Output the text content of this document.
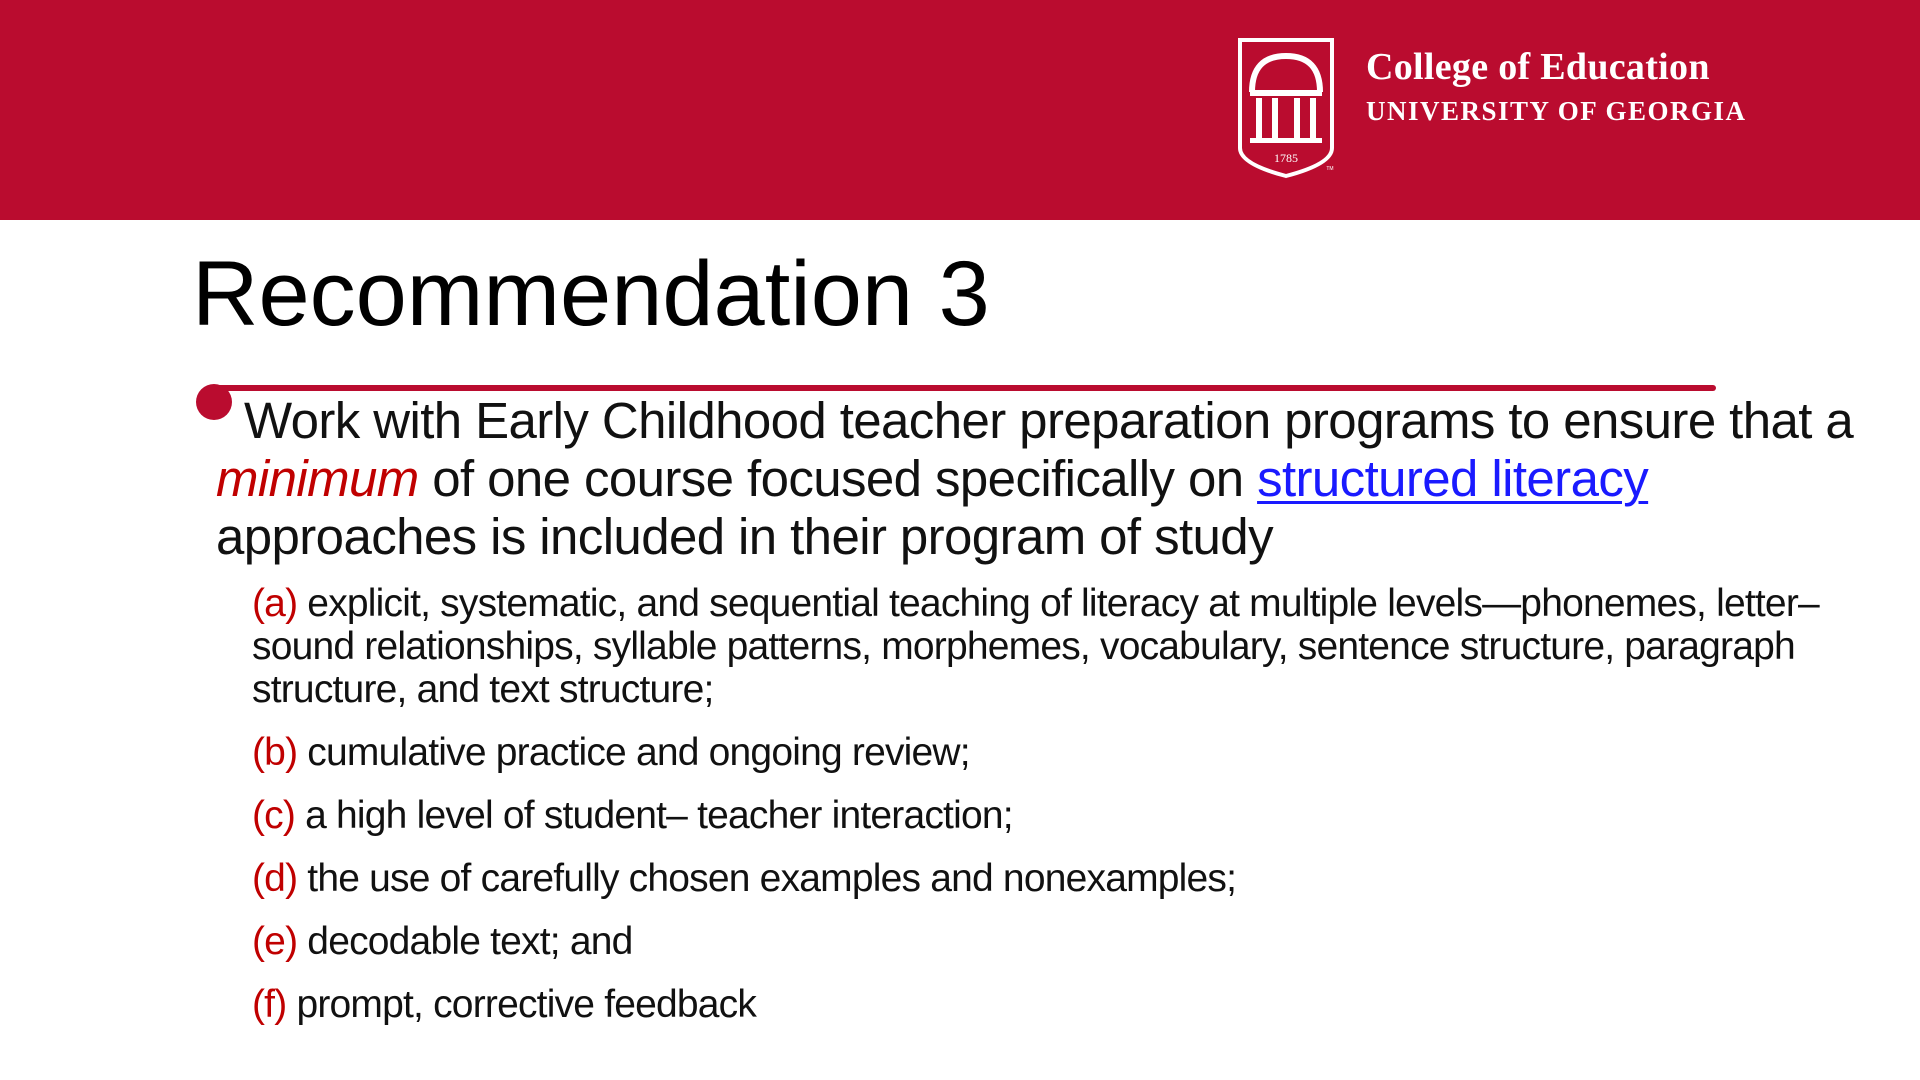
1785
TM
College of Education
UNIVERSITY OF GEORGIA
Recommendation 3
Work with Early Childhood teacher preparation programs to ensure that a minimum of one course focused specifically on structured literacy approaches is included in their program of study
(a) explicit, systematic, and sequential teaching of literacy at multiple levels—phonemes, letter–sound relationships, syllable patterns, morphemes, vocabulary, sentence structure, paragraph structure, and text structure;
(b) cumulative practice and ongoing review;
(c) a high level of student– teacher interaction;
(d) the use of carefully chosen examples and nonexamples;
(e) decodable text; and
(f) prompt, corrective feedback
